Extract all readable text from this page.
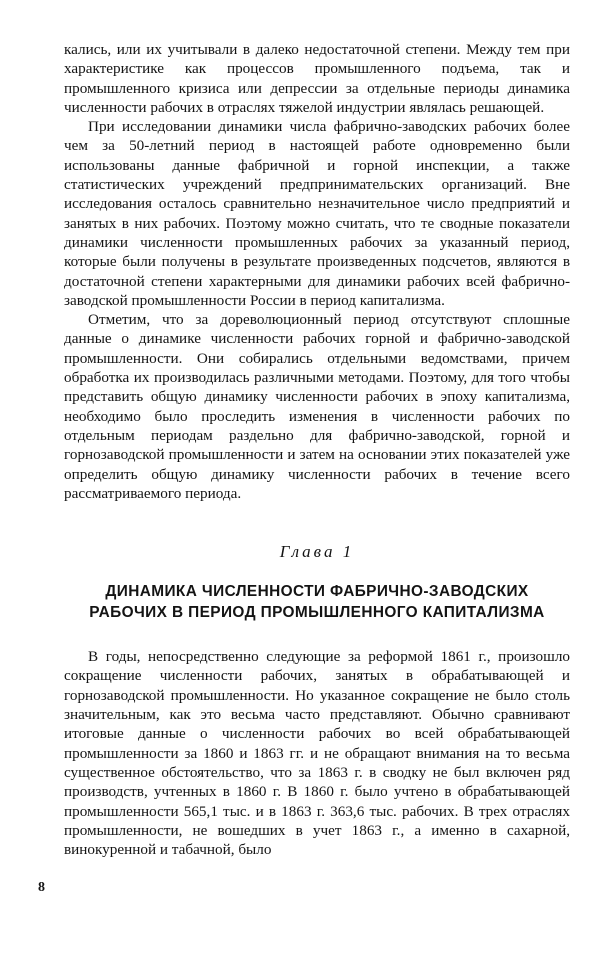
кались, или их учитывали в далеко недостаточной степени. Между тем при характеристике как процессов промышленного подъема, так и промышленного кризиса или депрессии за отдельные периоды динамика численности рабочих в отраслях тяжелой индустрии являлась решающей.

При исследовании динамики числа фабрично-заводских рабочих более чем за 50-летний период в настоящей работе одновременно были использованы данные фабричной и горной инспекции, а также статистических учреждений предпринимательских организаций. Вне исследования осталось сравнительно незначительное число предприятий и занятых в них рабочих. Поэтому можно считать, что те сводные показатели динамики численности промышленных рабочих за указанный период, которые были получены в результате произведенных подсчетов, являются в достаточной степени характерными для динамики рабочих всей фабрично-заводской промышленности России в период капитализма.

Отметим, что за дореволюционный период отсутствуют сплошные данные о динамике численности рабочих горной и фабрично-заводской промышленности. Они собирались отдельными ведомствами, причем обработка их производилась различными методами. Поэтому, для того чтобы представить общую динамику численности рабочих в эпоху капитализма, необходимо было проследить изменения в численности рабочих по отдельным периодам раздельно для фабрично-заводской, горной и горнозаводской промышленности и затем на основании этих показателей уже определить общую динамику численности рабочих в течение всего рассматриваемого периода.

Глава 1
ДИНАМИКА ЧИСЛЕННОСТИ ФАБРИЧНО-ЗАВОДСКИХ
РАБОЧИХ В ПЕРИОД ПРОМЫШЛЕННОГО КАПИТАЛИЗМА

В годы, непосредственно следующие за реформой 1861 г., произошло сокращение численности рабочих, занятых в обрабатывающей и горнозаводской промышленности. Но указанное сокращение не было столь значительным, как это весьма часто представляют. Обычно сравнивают итоговые данные о численности рабочих во всей обрабатывающей промышленности за 1860 и 1863 гг. и не обращают внимания на то весьма существенное обстоятельство, что за 1863 г. в сводку не был включен ряд производств, учтенных в 1860 г. В 1860 г. было учтено в обрабатывающей промышленности 565,1 тыс. и в 1863 г. 363,6 тыс. рабочих. В трех отраслях промышленности, не вошедших в учет 1863 г., а именно в сахарной, винокуренной и табачной, было

8
